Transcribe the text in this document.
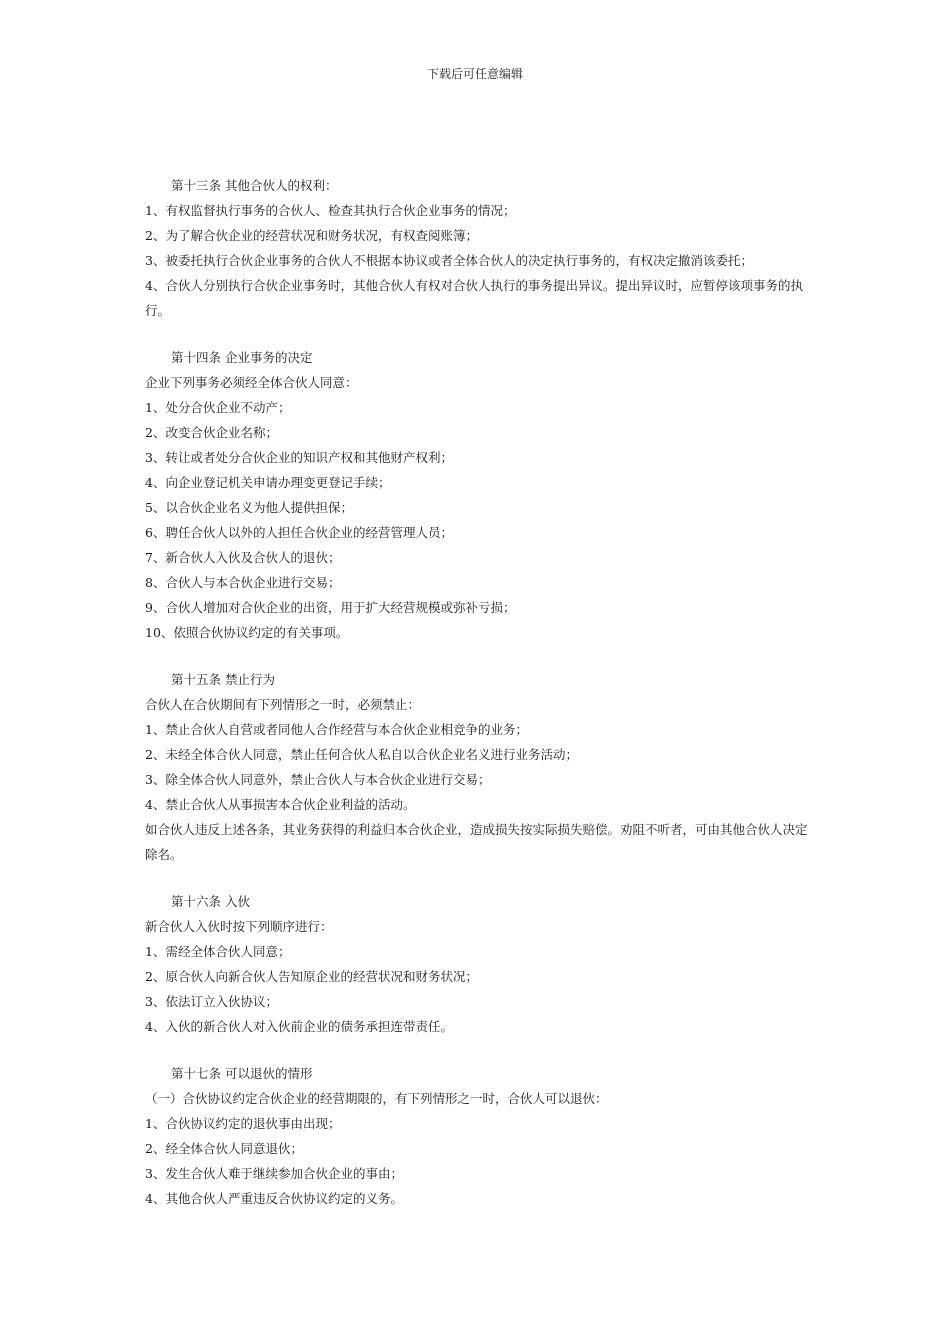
下载后可任意编辑
第十三条 其他合伙人的权利：
1、有权监督执行事务的合伙人、检查其执行合伙企业事务的情况；
2、为了解合伙企业的经营状况和财务状况，有权查阅账簿；
3、被委托执行合伙企业事务的合伙人不根据本协议或者全体合伙人的决定执行事务的，有权决定撤消该委托；
4、合伙人分别执行合伙企业事务时，其他合伙人有权对合伙人执行的事务提出异议。提出异议时，应暂停该项事务的执行。
第十四条 企业事务的决定
企业下列事务必须经全体合伙人同意：
1、处分合伙企业不动产；
2、改变合伙企业名称；
3、转让或者处分合伙企业的知识产权和其他财产权利；
4、向企业登记机关申请办理变更登记手续；
5、以合伙企业名义为他人提供担保；
6、聘任合伙人以外的人担任合伙企业的经营管理人员；
7、新合伙人入伙及合伙人的退伙；
8、合伙人与本合伙企业进行交易；
9、合伙人增加对合伙企业的出资，用于扩大经营规模或弥补亏损；
10、依照合伙协议约定的有关事项。
第十五条 禁止行为
合伙人在合伙期间有下列情形之一时，必须禁止：
1、禁止合伙人自营或者同他人合作经营与本合伙企业相竞争的业务；
2、未经全体合伙人同意，禁止任何合伙人私自以合伙企业名义进行业务活动；
3、除全体合伙人同意外，禁止合伙人与本合伙企业进行交易；
4、禁止合伙人从事损害本合伙企业利益的活动。
如合伙人违反上述各条，其业务获得的利益归本合伙企业，造成损失按实际损失赔偿。劝阻不听者，可由其他合伙人决定除名。
第十六条 入伙
新合伙人入伙时按下列顺序进行：
1、需经全体合伙人同意；
2、原合伙人向新合伙人告知原企业的经营状况和财务状况；
3、依法订立入伙协议；
4、入伙的新合伙人对入伙前企业的债务承担连带责任。
第十七条 可以退伙的情形
（一）合伙协议约定合伙企业的经营期限的，有下列情形之一时，合伙人可以退伙：
1、合伙协议约定的退伙事由出现；
2、经全体合伙人同意退伙；
3、发生合伙人难于继续参加合伙企业的事由；
4、其他合伙人严重违反合伙协议约定的义务。
